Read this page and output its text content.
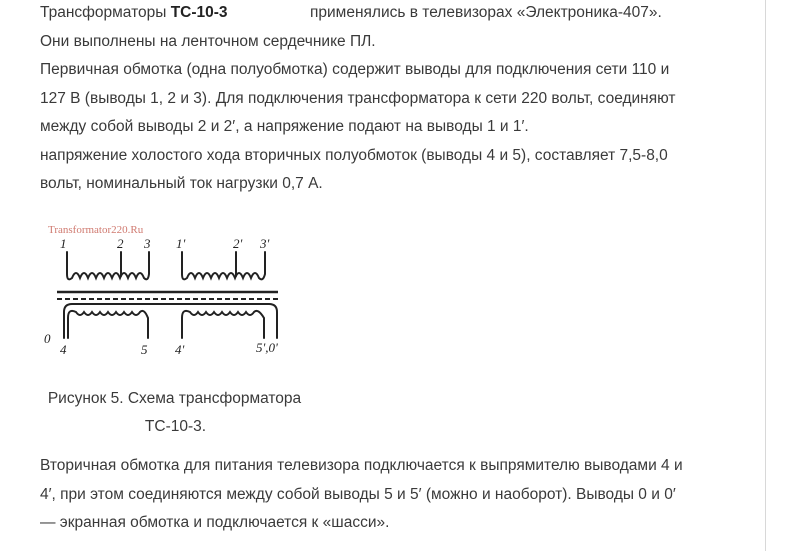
Трансформаторы ТС-10-3	применялись в телевизорах «Электроника-407».

Они выполнены на ленточном сердечнике ПЛ.
Первичная обмотка (одна полуобмотка) содержит выводы для подключения сети 110 и
127 В (выводы 1, 2 и 3). Для подключения трансформатора к сети 220 вольт, соединяют
между собой выводы 2 и 2′, а напряжение подают на выводы 1 и 1′.
напряжение холостого хода вторичных полуобмоток (выводы 4 и 5), составляет 7,5-8,0
вольт, номинальный ток нагрузки 0,7 А.

Transformator220.Ru
1	2 3 1'	2' 3'
0
4	5 4'	5',0'
Рисунок 5. Схема трансформатора
ТС-10-3.

Вторичная обмотка для питания телевизора подключается к выпрямителю выводами 4 и
4′, при этом соединяются между собой выводы 5 и 5′ (можно и наоборот). Выводы 0 и 0′
— экранная обмотка и подключается к «шасси».
